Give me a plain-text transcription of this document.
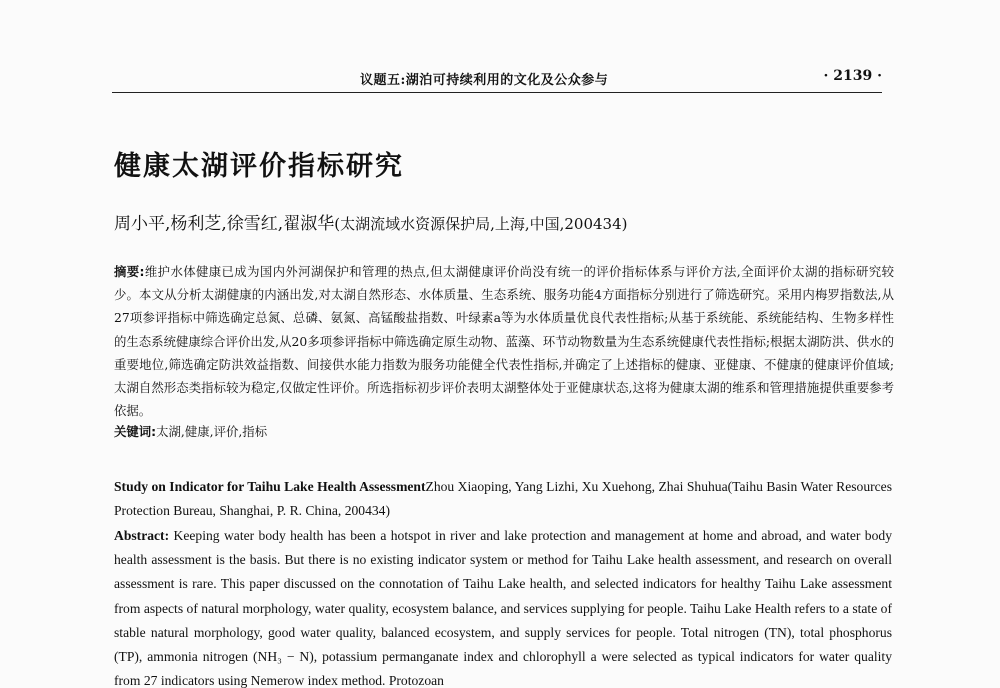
议题五:湖泊可持续利用的文化及公众参与	· 2139 ·
健康太湖评价指标研究
周小平,杨利芝,徐雪红,翟淑华(太湖流域水资源保护局,上海,中国,200434)

摘要:维护水体健康已成为国内外河湖保护和管理的热点,但太湖健康评价尚没有统一的评价指标体系与评价方法,全面评价太湖的指标研究较少。本文从分析太湖健康的内涵出发,对太湖自然形态、水体质量、生态系统、服务功能4方面指标分别进行了筛选研究。采用内梅罗指数法,从27项参评指标中筛选确定总氮、总磷、氨氮、高锰酸盐指数、叶绿素a等为水体质量优良代表性指标;从基于系统能、系统能结构、生物多样性的生态系统健康综合评价出发,从20多项参评指标中筛选确定原生动物、蓝藻、环节动物数量为生态系统健康代表性指标;根据太湖防洪、供水的重要地位,筛选确定防洪效益指数、间接供水能力指数为服务功能健全代表性指标,并确定了上述指标的健康、亚健康、不健康的健康评价值域;太湖自然形态类指标较为稳定,仅做定性评价。所选指标初步评价表明太湖整体处于亚健康状态,这将为健康太湖的维系和管理措施提供重要参考依据。

关键词:太湖,健康,评价,指标

Study on Indicator for Taihu Lake Health AssessmentZhou Xiaoping, Yang Lizhi, Xu Xuehong, Zhai Shuhua(Taihu Basin Water Resources Protection Bureau, Shanghai, P. R. China, 200434)

Abstract: Keeping water body health has been a hotspot in river and lake protection and management at home and abroad, and water body health assessment is the basis. But there is no existing indicator system or method for Taihu Lake health assessment, and research on overall assessment is rare. This paper discussed on the connotation of Taihu Lake health, and selected indicators for healthy Taihu Lake assessment from aspects of natural morphology, water quality, ecosystem balance, and services supplying for people. Taihu Lake Health refers to a state of stable natural morphology, good water quality, balanced ecosystem, and supply services for people. Total nitrogen (TN), total phosphorus (TP), ammonia nitrogen (NH₃ − N), potassium permanganate index and chlorophyll a were selected as typical indicators for water quality from 27 indicators using Nemerow index method. Protozoan
